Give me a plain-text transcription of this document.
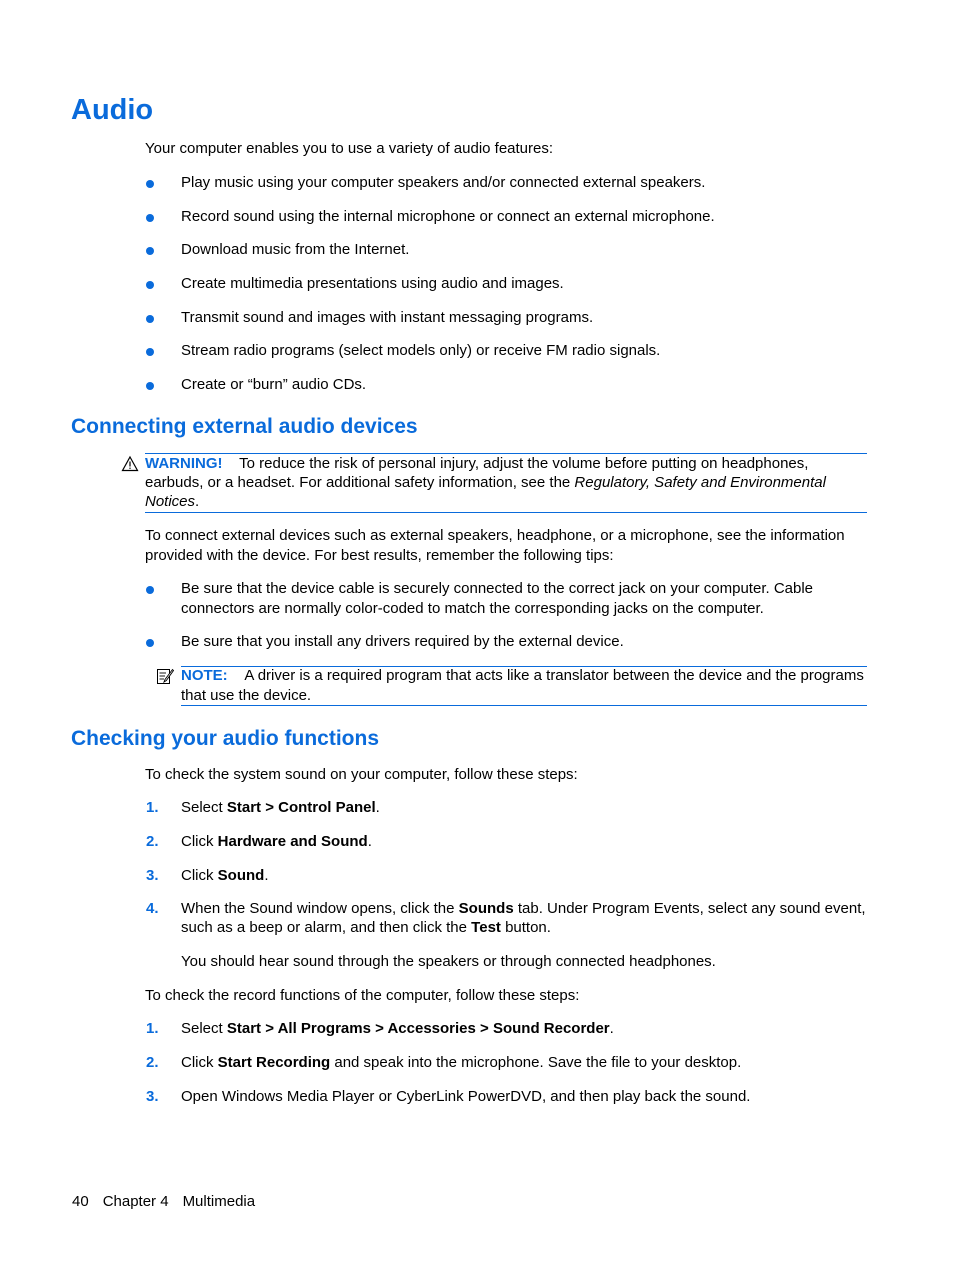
Audio

Your computer enables you to use a variety of audio features:

Play music using your computer speakers and/or connected external speakers.
Record sound using the internal microphone or connect an external microphone.
Download music from the Internet.
Create multimedia presentations using audio and images.
Transmit sound and images with instant messaging programs.
Stream radio programs (select models only) or receive FM radio signals.
Create or “burn” audio CDs.
Connecting external audio devices
WARNING! To reduce the risk of personal injury, adjust the volume before putting on headphones, earbuds, or a headset. For additional safety information, see the Regulatory, Safety and Environmental Notices.

To connect external devices such as external speakers, headphone, or a microphone, see the information provided with the device. For best results, remember the following tips:

Be sure that the device cable is securely connected to the correct jack on your computer. Cable connectors are normally color-coded to match the corresponding jacks on the computer.
Be sure that you install any drivers required by the external device.
NOTE: A driver is a required program that acts like a translator between the device and the programs that use the device.
Checking your audio functions

To check the system sound on your computer, follow these steps:

1.	Select Start > Control Panel.
2.	Click Hardware and Sound.
3.	Click Sound.
4.	When the Sound window opens, click the Sounds tab. Under Program Events, select any sound event, such as a beep or alarm, and then click the Test button.
You should hear sound through the speakers or through connected headphones.

To check the record functions of the computer, follow these steps:

1.	Select Start > All Programs > Accessories > Sound Recorder.
2.	Click Start Recording and speak into the microphone. Save the file to your desktop.
3.	Open Windows Media Player or CyberLink PowerDVD, and then play back the sound.
40 Chapter 4 Multimedia
